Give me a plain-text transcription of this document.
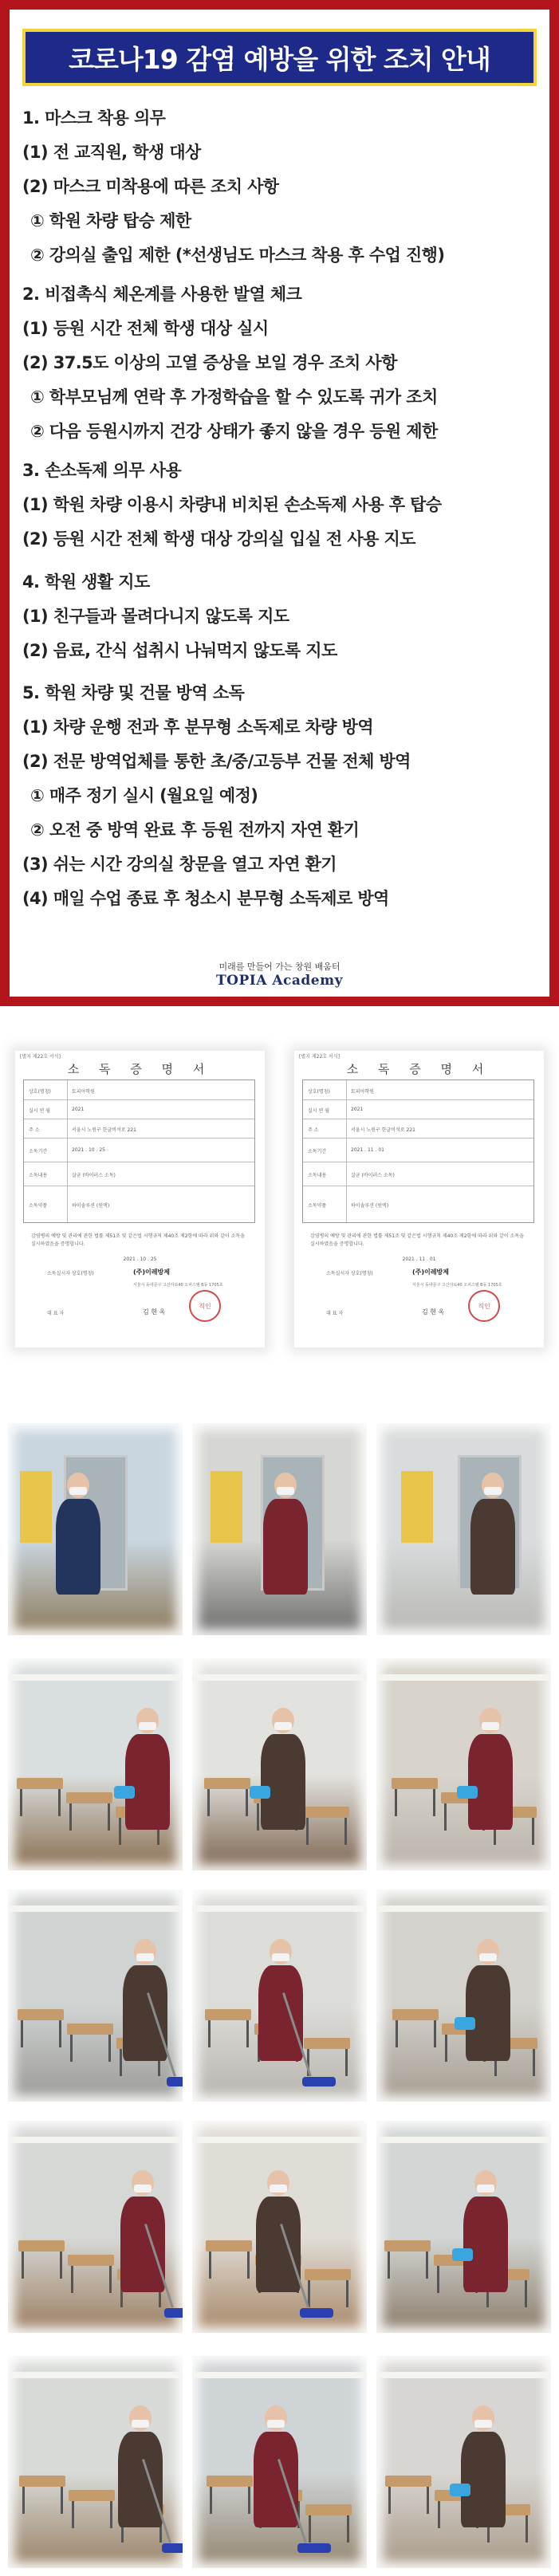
코로나19 감염 예방을 위한 조치 안내
1. 마스크 착용 의무
(1) 전 교직원, 학생 대상
(2) 마스크 미착용에 따른 조치 사항
① 학원 차량 탑승 제한
② 강의실 출입 제한 (*선생님도 마스크 착용 후 수업 진행)
2. 비접촉식 체온계를 사용한 발열 체크
(1) 등원 시간 전체 학생 대상 실시
(2) 37.5도 이상의 고열 증상을 보일 경우 조치 사항
① 학부모님께 연락 후 가정학습을 할 수 있도록 귀가 조치
② 다음 등원시까지 건강 상태가 좋지 않을 경우 등원 제한
3. 손소독제 의무 사용
(1) 학원 차량 이용시 차량내 비치된 손소독제 사용 후 탑승
(2) 등원 시간 전체 학생 대상 강의실 입실 전 사용 지도
4. 학원 생활 지도
(1) 친구들과 몰려다니지 않도록 지도
(2) 음료, 간식 섭취시 나눠먹지 않도록 지도
5. 학원 차량 및 건물 방역 소독
(1) 차량 운행 전과 후 분무형 소독제로 차량 방역
(2) 전문 방역업체를 통한 초/중/고등부 건물 전체 방역
① 매주 정기 실시 (월요일 예정)
② 오전 중 방역 완료 후 등원 전까지 자연 환기
(3) 쉬는 시간 강의실 창문을 열고 자연 환기
(4) 매일 수업 종료 후 청소시 분무형 소독제로 방역
미래를 만들어 가는 창원 배움터
TOPIA Academy
[별지 제22호 서식]
소 독 증 명 서
상호(명칭)	토피아학원
실시 연 월	2021
주 소	서울시 노원구 한글비석로 221
소독기간	2021 . 10 . 25
소독내용	살균 (바이러스 소독)
소독약품	하이솔루션 (원액)
감염병의 예방 및 관리에 관한 법률 제51조 및 같은법 시행규칙 제40조 제2항에 따라 위와 같이 소독을 실시하였음을 증명합니다.
2021 . 10 . 25
소독실시자 상호(명칭)	(주)이레방제
서울시 동대문구 고산자로40 오피스텔 B동 1705호
대 표 자	김 현 옥
직인
[별지 제22호 서식]
소 독 증 명 서
상호(명칭)	토피아학원
실시 연 월	2021
주 소	서울시 노원구 한글비석로 221
소독기간	2021 . 11 . 01
소독내용	살균 (바이러스 소독)
소독약품	하이솔루션 (원액)
감염병의 예방 및 관리에 관한 법률 제51조 및 같은법 시행규칙 제40조 제2항에 따라 위와 같이 소독을 실시하였음을 증명합니다.
2021 . 11 . 01
소독실시자 상호(명칭)	(주)이레방제
서울시 동대문구 고산자로40 오피스텔 B동 1705호
대 표 자	김 현 옥
직인
